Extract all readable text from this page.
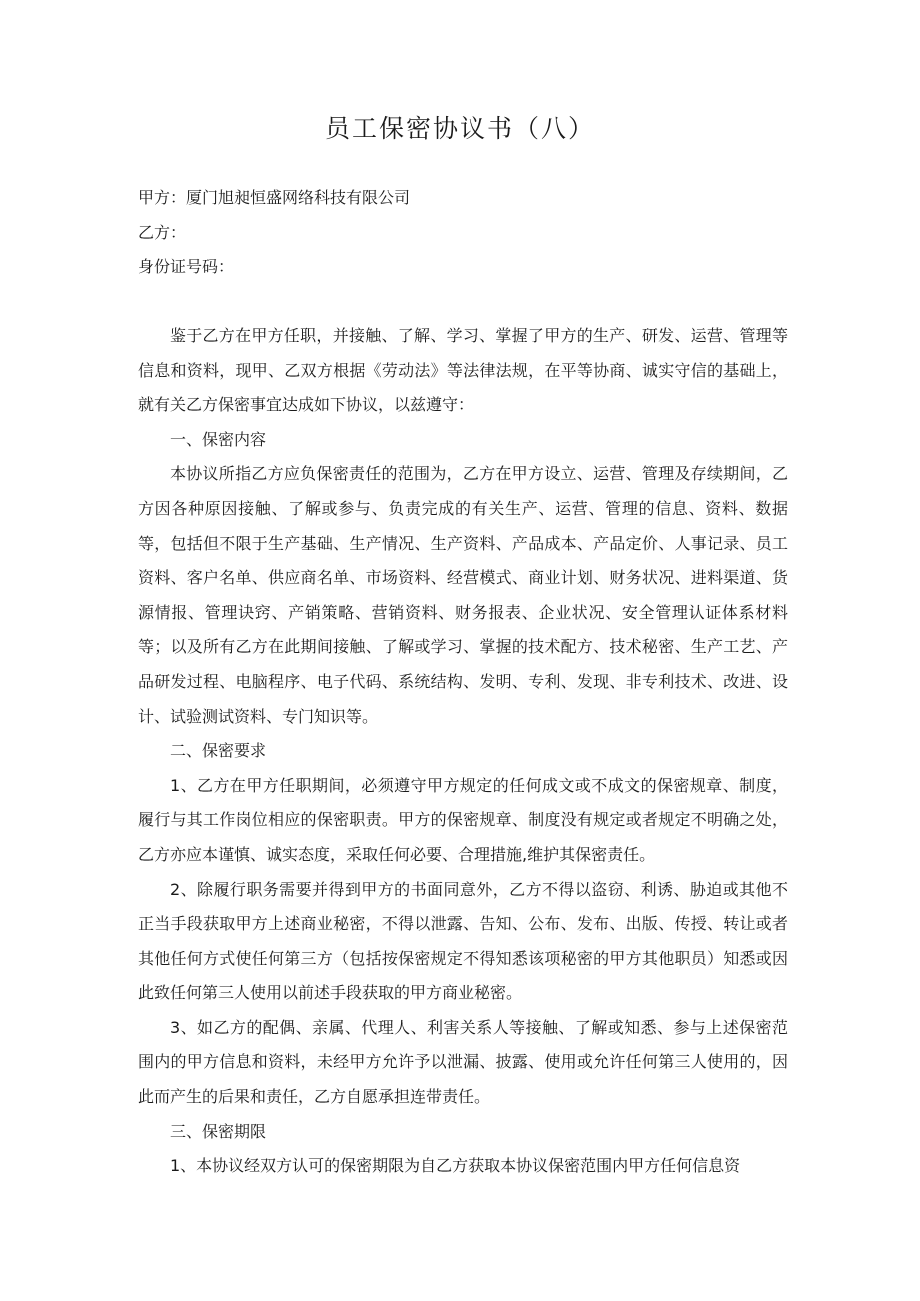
员工保密协议书（八）
甲方：厦门旭昶恒盛网络科技有限公司
乙方：
身份证号码：

鉴于乙方在甲方任职，并接触、了解、学习、掌握了甲方的生产、研发、运营、管理等信息和资料，现甲、乙双方根据《劳动法》等法律法规，在平等协商、诚实守信的基础上，就有关乙方保密事宜达成如下协议，以兹遵守：

一、保密内容

本协议所指乙方应负保密责任的范围为，乙方在甲方设立、运营、管理及存续期间，乙方因各种原因接触、了解或参与、负责完成的有关生产、运营、管理的信息、资料、数据等，包括但不限于生产基础、生产情况、生产资料、产品成本、产品定价、人事记录、员工资料、客户名单、供应商名单、市场资料、经营模式、商业计划、财务状况、进料渠道、货源情报、管理诀窍、产销策略、营销资料、财务报表、企业状况、安全管理认证体系材料等；以及所有乙方在此期间接触、了解或学习、掌握的技术配方、技术秘密、生产工艺、产品研发过程、电脑程序、电子代码、系统结构、发明、专利、发现、非专利技术、改进、设计、试验测试资料、专门知识等。

二、保密要求

1、乙方在甲方任职期间，必须遵守甲方规定的任何成文或不成文的保密规章、制度，履行与其工作岗位相应的保密职责。甲方的保密规章、制度没有规定或者规定不明确之处，乙方亦应本谨慎、诚实态度，采取任何必要、合理措施,维护其保密责任。

2、除履行职务需要并得到甲方的书面同意外，乙方不得以盗窃、利诱、胁迫或其他不正当手段获取甲方上述商业秘密，不得以泄露、告知、公布、发布、出版、传授、转让或者其他任何方式使任何第三方（包括按保密规定不得知悉该项秘密的甲方其他职员）知悉或因此致任何第三人使用以前述手段获取的甲方商业秘密。

3、如乙方的配偶、亲属、代理人、利害关系人等接触、了解或知悉、参与上述保密范围内的甲方信息和资料，未经甲方允许予以泄漏、披露、使用或允许任何第三人使用的，因此而产生的后果和责任，乙方自愿承担连带责任。

三、保密期限

1、本协议经双方认可的保密期限为自乙方获取本协议保密范围内甲方任何信息资
